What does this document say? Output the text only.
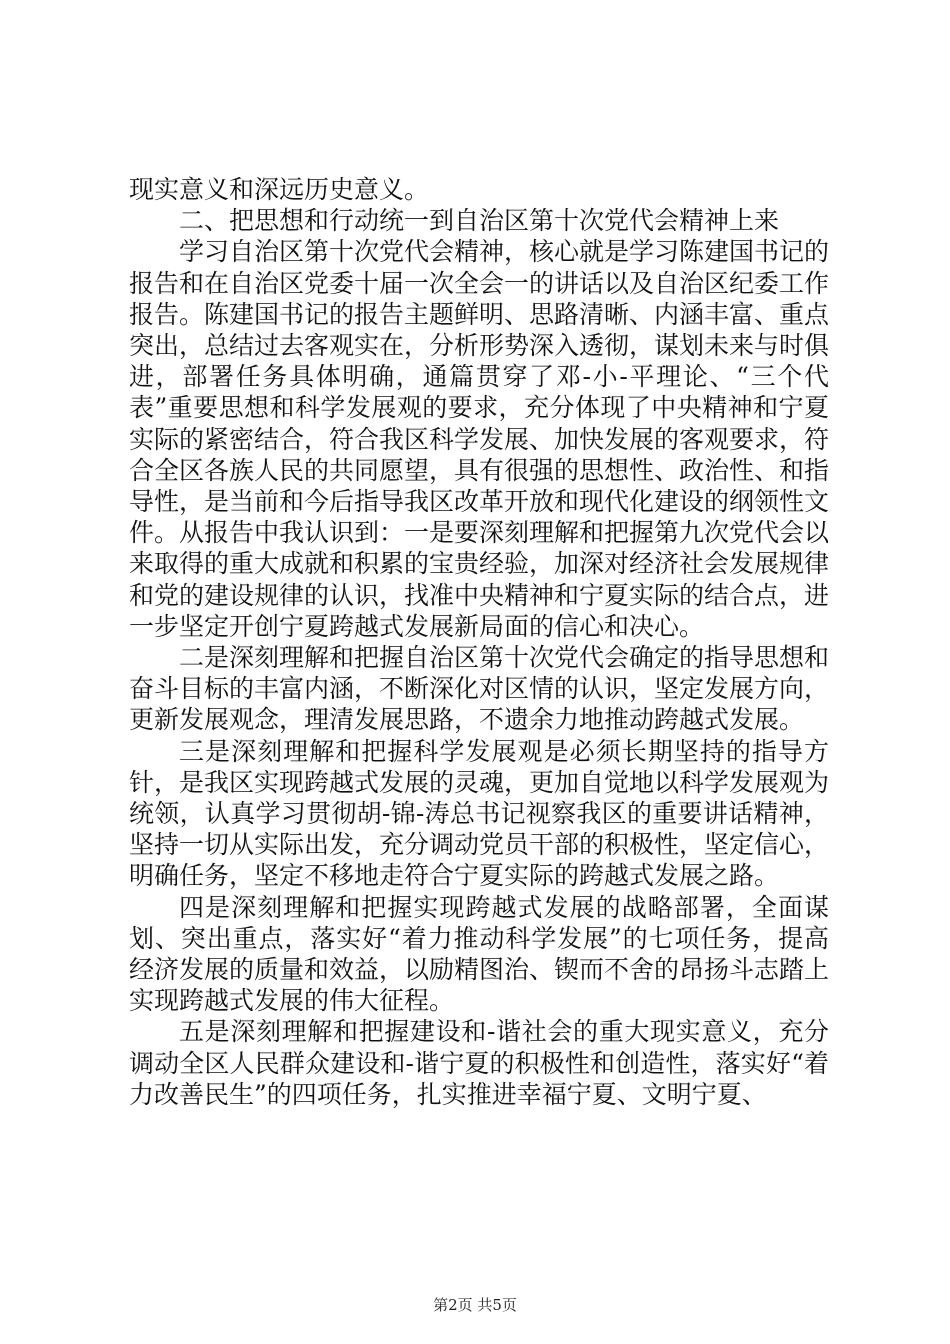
现实意义和深远历史意义。

二、把思想和行动统一到自治区第十次党代会精神上来

学习自治区第十次党代会精神，核心就是学习陈建国书记的报告和在自治区党委十届一次全会一的讲话以及自治区纪委工作报告。陈建国书记的报告主题鲜明、思路清晰、内涵丰富、重点突出，总结过去客观实在，分析形势深入透彻，谋划未来与时俱进，部署任务具体明确，通篇贯穿了邓-小-平理论、“三个代表”重要思想和科学发展观的要求，充分体现了中央精神和宁夏实际的紧密结合，符合我区科学发展、加快发展的客观要求，符合全区各族人民的共同愿望，具有很强的思想性、政治性、和指导性，是当前和今后指导我区改革开放和现代化建设的纲领性文件。从报告中我认识到：一是要深刻理解和把握第九次党代会以来取得的重大成就和积累的宝贵经验，加深对经济社会发展规律和党的建设规律的认识，找准中央精神和宁夏实际的结合点，进一步坚定开创宁夏跨越式发展新局面的信心和决心。

二是深刻理解和把握自治区第十次党代会确定的指导思想和奋斗目标的丰富内涵，不断深化对区情的认识，坚定发展方向，更新发展观念，理清发展思路，不遗余力地推动跨越式发展。

三是深刻理解和把握科学发展观是必须长期坚持的指导方针，是我区实现跨越式发展的灵魂，更加自觉地以科学发展观为统领，认真学习贯彻胡-锦-涛总书记视察我区的重要讲话精神，坚持一切从实际出发，充分调动党员干部的积极性，坚定信心，明确任务，坚定不移地走符合宁夏实际的跨越式发展之路。

四是深刻理解和把握实现跨越式发展的战略部署，全面谋划、突出重点，落实好“着力推动科学发展”的七项任务，提高经济发展的质量和效益，以励精图治、锲而不舍的昂扬斗志踏上实现跨越式发展的伟大征程。

五是深刻理解和把握建设和-谐社会的重大现实意义，充分调动全区人民群众建设和-谐宁夏的积极性和创造性，落实好“着力改善民生”的四项任务，扎实推进幸福宁夏、文明宁夏、

第2页 共5页
